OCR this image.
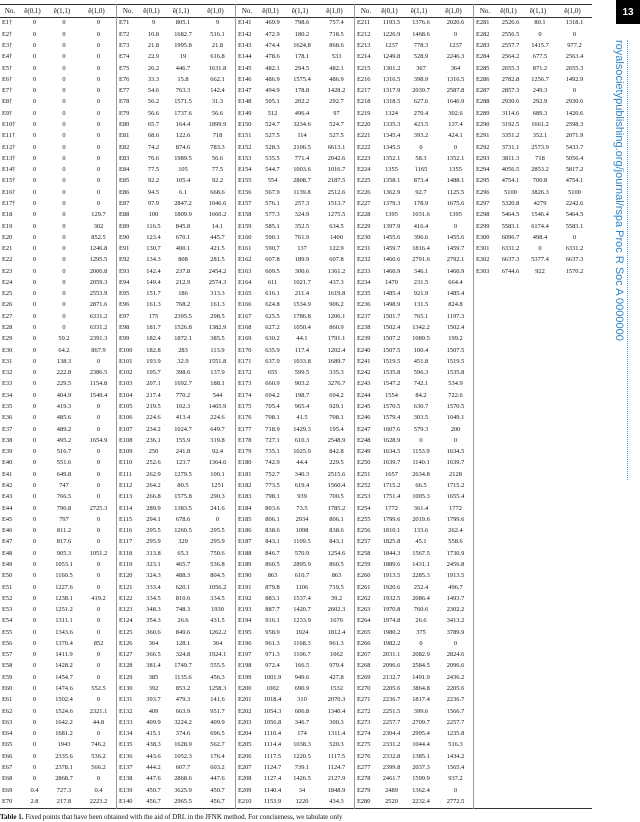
No.	ê(0,1)	ê(1,1)	ê(1,0)
E1†	0	0	0
E2†	0	0	0
E3†	0	0	0
E4†	0	0	0
E5†	0	0	0
E6†	0	0	0
E7†	0	0	0
E8†	0	0	0
E9†	0	0	0
E10†	0	0	0
E11†	0	0	0
E12†	0	0	0
E13†	0	0	0
E14†	0	0	0
E15†	0	0	0
E16†	0	0	0
E17†	0	0	0
E18	0	0	129.7
E19	0	0	302
E20	0	0	852.5
E21	0	0	1246.8
E22	0	0	1295.5
E23	0	0	2000.8
E24	0	0	2059.3
E25	0	0	2553.9
E26	0	0	2871.6
E27	0	0	6331.2
E28	0	0	6331.2
E29	0	59.2	2391.3
E30	0	64.2	867.9
E31	0	138.3	0
E32	0	222.8	2386.5
E33	0	229.5	1154.8
E34	0	404.9	1549.4
E35	0	419.3	0
E36	0	485.6	0
E37	0	489.2	0
E38	0	495.2	1654.9
E39	0	516.7	0
E40	0	551.6	0
E41	0	649.8	0
E42	0	747	0
E43	0	766.5	0
E44	0	790.8	2725.3
E45	0	797	0
E46	0	811.2	0
E47	0	817.6	0
E48	0	905.3	1051.2
E49	0	1053.1	0
E50	0	1160.5	0
E51	0	1227.6	0
E52	0	1238.1	419.2
E53	0	1251.2	0
E54	0	1311.1	0
E55	0	1343.6	0
E56	0	1370.4	852
E57	0	1411.9	0
E58	0	1428.2	0
E59	0	1454.7	0
E60	0	1474.6	552.5
E61	0	1502.4	0
E62	0	1524.6	2321.1
E63	0	1642.2	44.8
E64	0	1681.2	0
E65	0	1943	746.2
E66	0	2335.6	536.2
E67	0	2378.1	566.2
E68	0	2868.7	0
E69	0.4	727.3	0.4
E70	2.8	217.8	2223.2
No.	ê(0,1)	ê(1,1)	ê(1,0)
E71	9	805.1	9
E72	10.8	1682.7	516.1
E73	21.8	1995.8	21.8
E74	22.9	19	616.8
E75	26.2	446.7	1631.8
E76	33.3	15.8	662.1
E77	54.6	763.3	142.4
E78	56.2	1571.5	31.3
E79	56.6	1737.6	56.6
E80	65.7	164.4	1899.9
E81	68.6	122.6	718
E82	74.2	874.6	783.3
E83	76.6	1989.5	56.6
E84	77.5	105	77.5
E85	92.2	105.4	92.2
E86	94.5	6.1	668.6
E87	97.9	2847.2	1046.6
E88	100	1809.9	1660.2
E89	116.5	845.8	14.1
E90	123.4	670.1	445.7
E91	130.7	400.1	421.5
E92	134.3	808	281.5
E93	142.4	237.8	2454.2
E94	149.4	212.9	2574.3
E95	151.7	186	313.3
E96	161.3	768.2	161.3
E97	175	2395.5	298.5
E98	181.7	1526.8	1382.9
E99	182.4	1872.1	385.5
E100	182.8	283	113.9
E101	193.9	32.9	1551.8
E102	195.7	398.6	137.9
E103	207.1	1692.7	188.1
E104	217.4	770.2	544
E105	219.5	102.3	1465.9
E106	224.6	413.4	224.6
E107	234.2	1024.7	649.7
E108	236.1	155.9	319.8
E109	250	241.8	92.4
E110	252.6	123.7	1364.6
E111	262.9	1279.5	100.1
E112	264.2	80.5	1251
E113	266.8	1575.8	290.3
E114	289.9	1383.5	241.6
E115	294.1	678.6	0
E116	295.5	1260.5	295.5
E117	295.9	329	295.9
E118	313.8	65.3	750.6
E119	323.1	465.7	536.8
E120	324.3	488.3	804.5
E121	333.4	620.1	1056.2
E122	334.5	810.6	334.5
E123	348.3	748.3	1930
E124	354.3	26.6	431.5
E125	360.6	849.6	1262.2
E126	364	128.1	364
E127	366.5	324.8	1924.1
E128	381.4	1749.7	555.5
E129	385	1135.6	456.3
E130	392	853.2	1258.3
E131	393.7	479.3	141.6
E132	409	663.9	951.7
E133	409.9	3224.2	409.9
E134	415.1	374.6	696.5
E135	438.3	1628.9	562.7
E136	443.6	1052.3	176.4
E137	444.2	607.7	603.2
E138	447.6	2868.6	447.6
E139	450.7	3625.9	450.7
E140	456.7	2965.5	456.7
No.	ê(0,1)	ê(1,1)	ê(1,0)
E141	469.9	798.6	757.4
E142	472.9	180.2	718.5
E143	474.4	1624.8	868.6
E144	478.6	178.1	533
E145	482.1	294.5	482.1
E146	486.9	1575.4	486.9
E147	494.9	178.8	1428.2
E148	505.1	202.2	292.7
E149	512	496.4	97
E150	524.7	3234.6	524.7
E151	527.5	114	527.5
E152	528.3	2106.5	6613.1
E153	535.5	771.4	2042.6
E154	544.7	1003.6	1016.7
E155	554	2808.7	2187.5
E156	567.9	1139.8	2512.6
E157	576.1	257.3	1513.7
E158	577.3	324.9	1275.5
E159	585.1	352.5	634.5
E160	590.1	761.9	1400
E161	590.7	137	122.9
E162	607.8	189.9	607.8
E163	609.5	300.6	1361.2
E164	611	1021.7	437.3
E165	616.1	211.4	1619.8
E166	624.8	1534.9	906.2
E167	625.5	1786.8	1206.1
E168	627.2	1050.4	860.9
E169	630.2	44.1	1791.1
E170	635.9	117.4	1202.4
E171	637.9	1033.8	1689.7
E172	655	599.5	335.3
E173	660.9	903.2	3276.7
E174	694.2	198.7	694.2
E175	705.4	965.4	929.1
E176	708.1	41.5	708.1
E177	718.9	1429.3	195.4
E178	727.1	610.3	2548.9
E179	735.1	1025.9	842.8
E180	742.9	44.4	229.5
E181	752.7	340.3	2515.6
E182	773.5	619.4	1560.4
E183	798.1	939	700.5
E184	803.6	73.5	1785.2
E185	806.1	2934	806.1
E186	838.6	1098	838.6
E187	843.1	1109.5	843.1
E188	846.7	570.9	1254.6
E189	860.5	2895.9	860.5
E190	863	610.7	863
E191	879.8	1106	719.5
E192	883.1	1537.4	39.2
E193	887.7	1420.7	2602.3
E194	916.1	1233.9	1676
E195	958.9	1924	1812.4
E196	961.3	1168.3	961.3
E197	971.3	1106.7	1062
E198	972.4	166.5	979.4
E199	1001.9	949.6	427.8
E200	1002	690.9	1532
E201	1018.4	310	2070.3
E202	1054.3	606.8	1340.4
E203	1056.8	346.7	300.3
E204	1110.4	174	1311.4
E205	1114.4	1038.3	520.3
E206	1117.5	1220.5	1117.5
E207	1124.7	739.1	1124.7
E208	1127.4	1426.5	2127.9
E209	1140.4	34	1848.9
E210	1153.9	1220	434.3
No.	ê(0,1)	ê(1,1)	ê(1,0)
E211	1193.5	1376.6	2020.6
E212	1226.9	1468.6	0
E213	1237	778.3	1237
E214	1249.8	528.9	2246.3
E215	1301.2	367	364
E216	1316.5	398.9	1316.5
E217	1317.9	2039.7	2587.8
E218	1318.5	627.6	1646.9
E219	1324	270.4	302.6
E220	1335.3	423.5	137.4
E221	1345.4	393.2	424.1
E222	1345.5	0	0
E223	1352.1	58.3	1352.1
E224	1355	1165	1355
E225	1358.1	873.4	1488.1
E226	1362.9	92.7	1125.5
E227	1379.3	178.9	1675.6
E228	1395	1031.6	1395
E229	1397.9	416.4	0
E230	1455.6	396.6	1455.6
E231	1459.7	1816.4	1459.7
E232	1460.6	2791.6	2792.1
E233	1460.9	346.1	1460.9
E234	1470	231.5	664.4
E235	1485.4	921.9	1485.4
E236	1498.9	131.5	824.8
E237	1501.7	765.1	1197.3
E238	1502.4	1342.2	1502.4
E239	1507.2	1089.5	199.2
E240	1507.5	100.4	1507.5
E241	1519.5	451.8	1519.5
E242	1535.8	596.3	1535.8
E243	1547.2	742.1	534.9
E244	1554	84.2	722.6
E245	1570.5	630.7	1570.5
E246	1579.4	303.5	1049.1
E247	1607.6	579.3	200
E248	1628.9	0	0
E249	1634.5	1153.9	1634.5
E250	1639.7	1140.1	1639.7
E251	1657	2634.8	2128
E252	1715.2	66.5	1715.2
E253	1751.4	1005.3	1655.4
E254	1772	361.4	1772
E255	1799.6	2019.6	1799.6
E256	1810.1	133.6	262.4
E257	1825.8	45.1	558.6
E258	1844.3	1567.5	1730.9
E259	1889.6	1431.1	2456.8
E260	1913.5	2285.3	1913.5
E261	1920.6	252.4	496.7
E262	1932.5	2086.4	1493.7
E263	1970.8	760.6	2302.2
E264	1974.8	26.6	3413.2
E265	1980.2	375	3789.9
E266	1982.2	0	0
E267	2031.1	2082.9	2824.6
E268	2096.6	2584.5	2096.6
E269	2132.7	1491.9	2436.2
E270	2205.6	3864.8	2205.6
E271	2236.7	1817.4	2236.7
E272	2251.5	399.6	1566.7
E273	2257.7	2709.7	2257.7
E274	2304.4	2995.4	1235.8
E275	2331.2	1044.4	516.3
E276	2332.8	1385.1	1434.2
E277	2399.8	2037.3	1565.4
E278	2461.7	1599.9	937.2
E279	2489	1362.4	0
E280	2520	2232.4	2772.5
No.	ê(0,1)	ê(1,1)	ê(1,0)
E281	2526.6	80.1	1318.1
E282	2556.5	0	0
E283	2557.7	1415.7	977.2
E284	2564.2	677.5	2563.4
E285	2655.3	871.2	2655.3
E286	2782.8	1256.7	1492.9
E287	2857.3	249.3	0
E288	2930.6	292.9	2930.6
E289	3114.6	689.3	1420.6
E290	3192.5	1661.2	2598.3
E291	3351.2	352.1	2071.9
E292	3731.1	2573.9	5433.7
E293	3811.3	718	5056.4
E294	4056.5	2853.2	5817.2
E295	4754.1	700.8	4754.1
E296	5100	3826.3	5100
E297	5320.8	4279	2242.6
E298	5464.5	1546.4	5464.5
E299	5583.1	6174.4	5583.1
E300	6096.7	498.4	0
E301	6331.2	0	6331.2
E302	6637.3	5377.4	6637.3
E303	6744.6	922	1570.2
13
royalsocietypublishing.org/journal/rspa Proc R Soc A 0000000
Table 1. Fixed points that have been obtained with the aid of DRL in the JFNK method. For conciseness, we tabulate only
